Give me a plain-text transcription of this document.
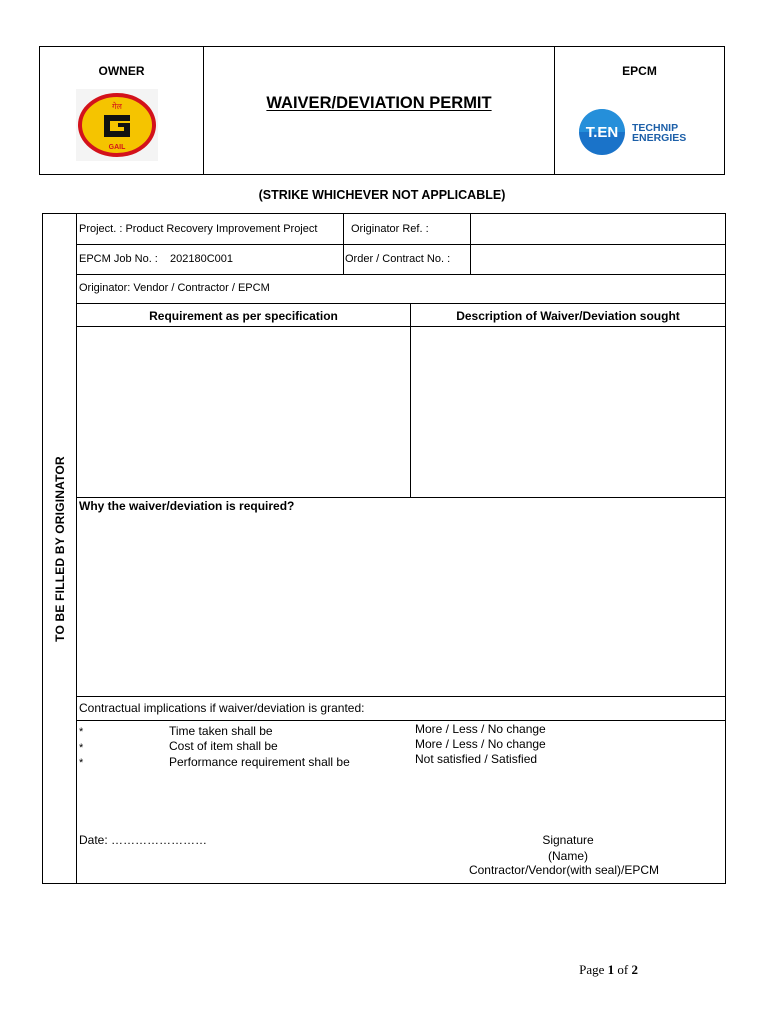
OWNER
गेल
GAIL
WAIVER/DEVIATION PERMIT
EPCM
T.EN TECHNIP
ENERGIES
(STRIKE WHICHEVER NOT APPLICABLE)
TO BE FILLED BY ORIGINATOR
Project. : Product Recovery Improvement Project	Originator Ref. :
EPCM Job No. : 202180C001	Order / Contract No. :
Originator: Vendor / Contractor / EPCM
Requirement as per specification	Description of Waiver/Deviation sought
Why the waiver/deviation is required?
Contractual implications if waiver/deviation is granted:
*	Time taken shall be	More / Less / No change
*	Cost of item shall be	More / Less / No change
*	Performance requirement shall be	Not satisfied / Satisfied
Date: ……………………	Signature
(Name)
Contractor/Vendor(with seal)/EPCM
Page 1 of 2
